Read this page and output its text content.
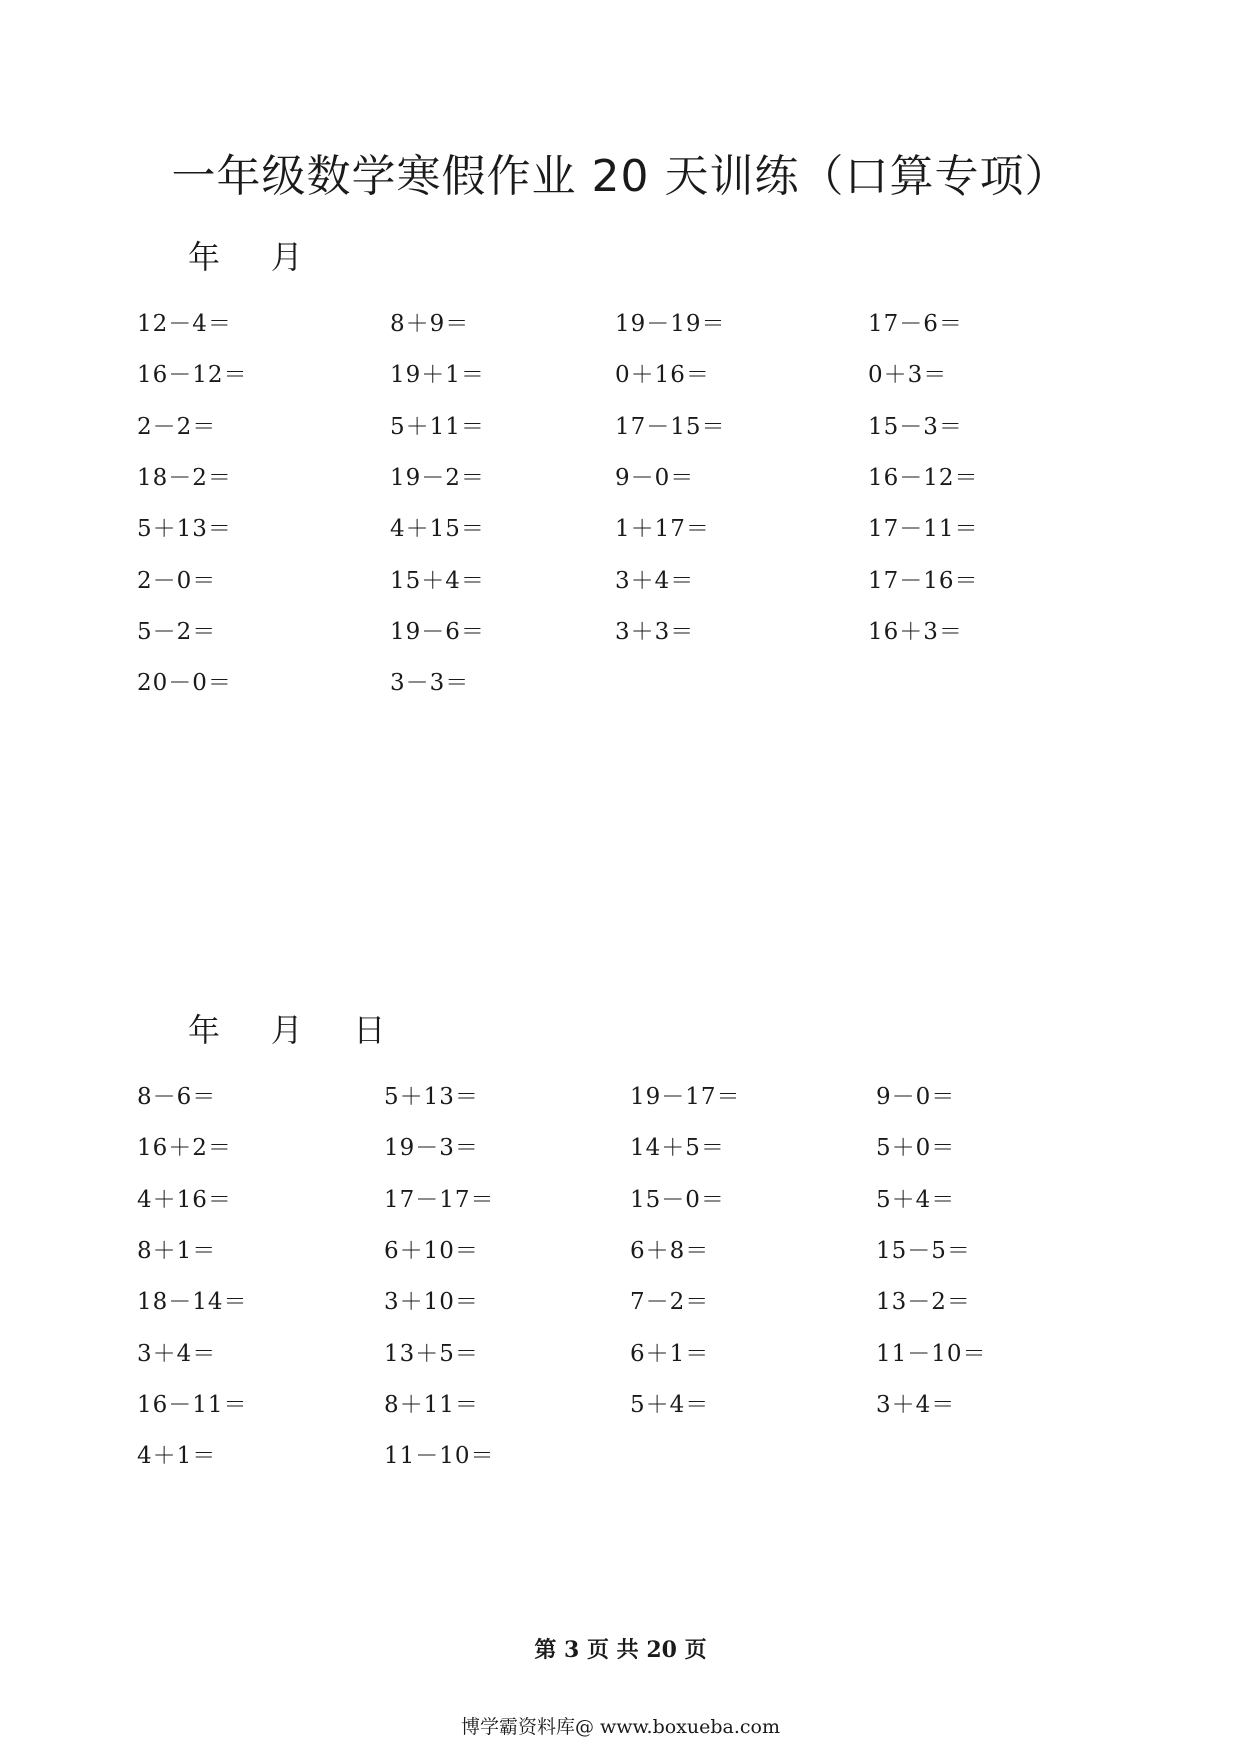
一年级数学寒假作业 20 天训练（口算专项）
年    月
12－4＝	8＋9＝	19－19＝	17－6＝
16－12＝	19＋1＝	0＋16＝	0＋3＝
2－2＝	5＋11＝	17－15＝	15－3＝
18－2＝	19－2＝	9－0＝	16－12＝
5＋13＝	4＋15＝	1＋17＝	17－11＝
2－0＝	15＋4＝	3＋4＝	17－16＝
5－2＝	19－6＝	3＋3＝	16＋3＝
20－0＝	3－3＝
年    月    日
8－6＝	5＋13＝	19－17＝	9－0＝
16＋2＝	19－3＝	14＋5＝	5＋0＝
4＋16＝	17－17＝	15－0＝	5＋4＝
8＋1＝	6＋10＝	6＋8＝	15－5＝
18－14＝	3＋10＝	7－2＝	13－2＝
3＋4＝	13＋5＝	6＋1＝	11－10＝
16－11＝	8＋11＝	5＋4＝	3＋4＝
4＋1＝	11－10＝
第 3 页 共 20 页
博学霸资料库@ www.boxueba.com
